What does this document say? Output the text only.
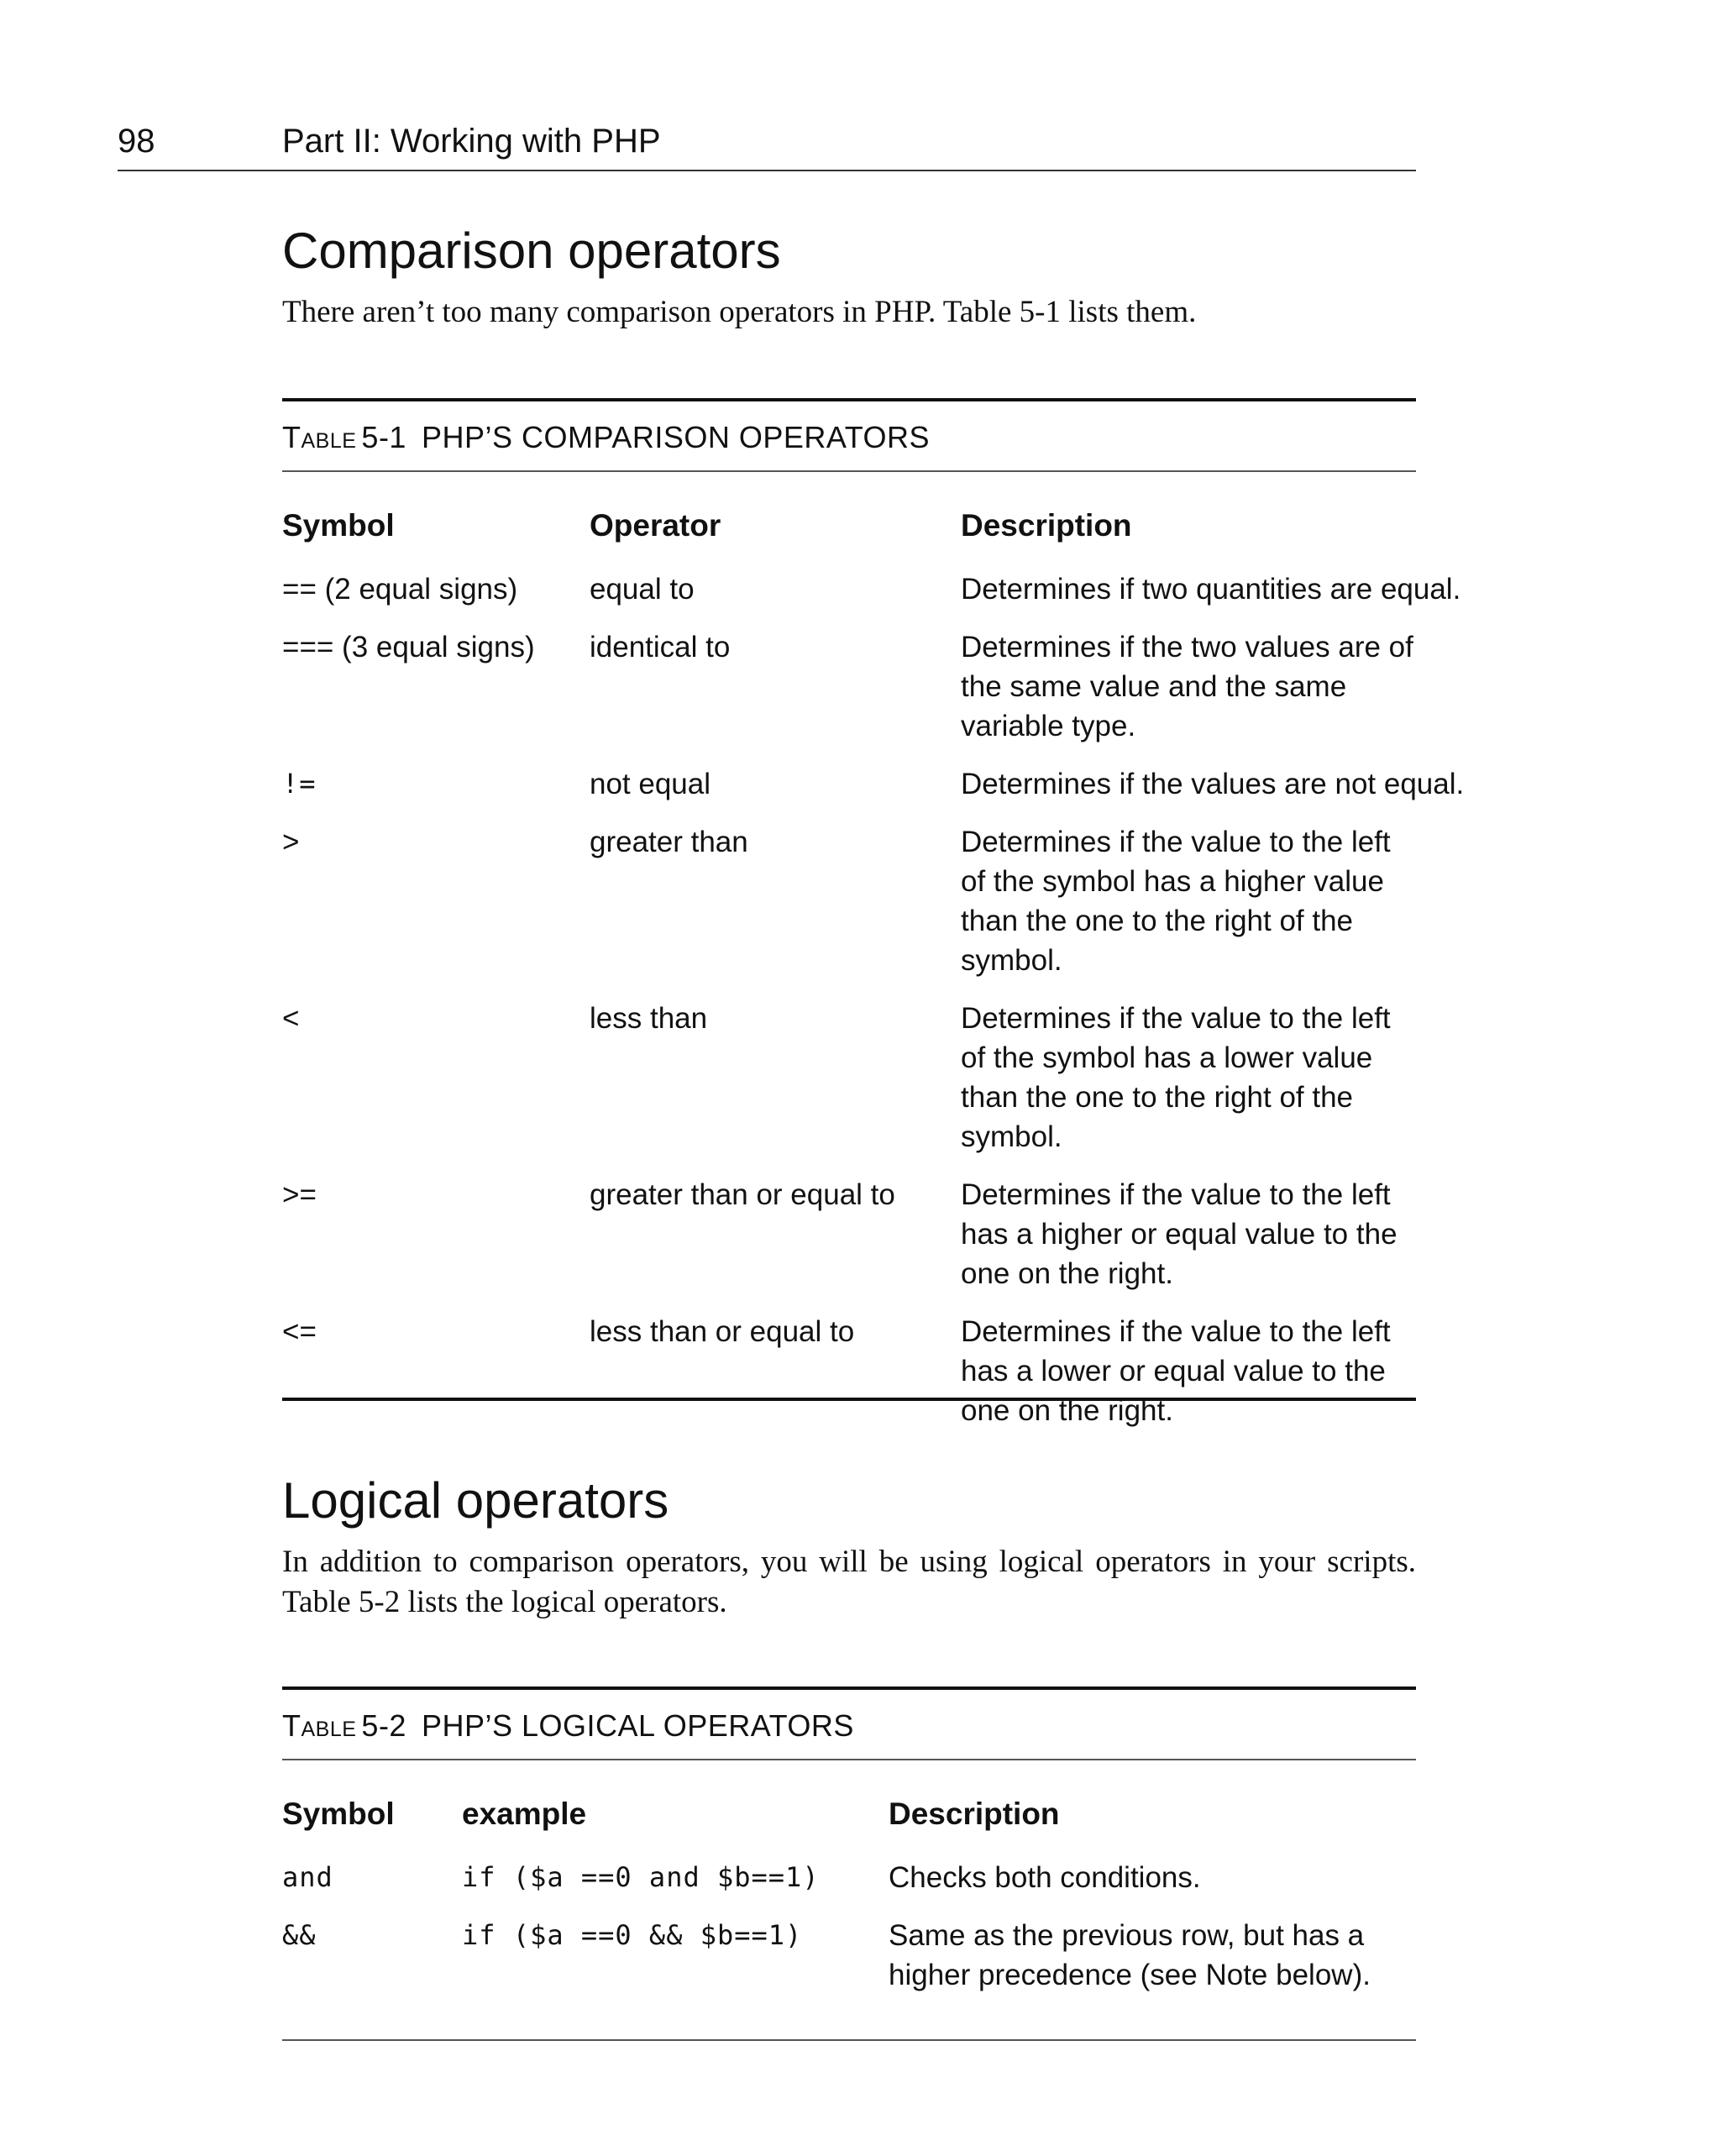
98	Part II: Working with PHP
Comparison operators

There aren’t too many comparison operators in PHP. Table 5-1 lists them.

Table 5-1 PHP’S COMPARISON OPERATORS
Symbol	Operator	Description
== (2 equal signs)	equal to	Determines if two quantities are equal.
=== (3 equal signs)	identical to	Determines if the two values are of the same value and the same variable type.
!=	not equal	Determines if the values are not equal.
>	greater than	Determines if the value to the left of the symbol has a higher value than the one to the right of the symbol.
<	less than	Determines if the value to the left of the symbol has a lower value than the one to the right of the symbol.
>=	greater than or equal to	Determines if the value to the left has a higher or equal value to the one on the right.
<=	less than or equal to	Determines if the value to the left has a lower or equal value to the one on the right.
Logical operators

In addition to comparison operators, you will be using logical operators in your scripts. Table 5-2 lists the logical operators.

Table 5-2 PHP’S LOGICAL OPERATORS
Symbol	example	Description
and	if ($a ==0 and $b==1)	Checks both conditions.
&&	if ($a ==0 && $b==1)	Same as the previous row, but has a higher precedence (see Note below).
